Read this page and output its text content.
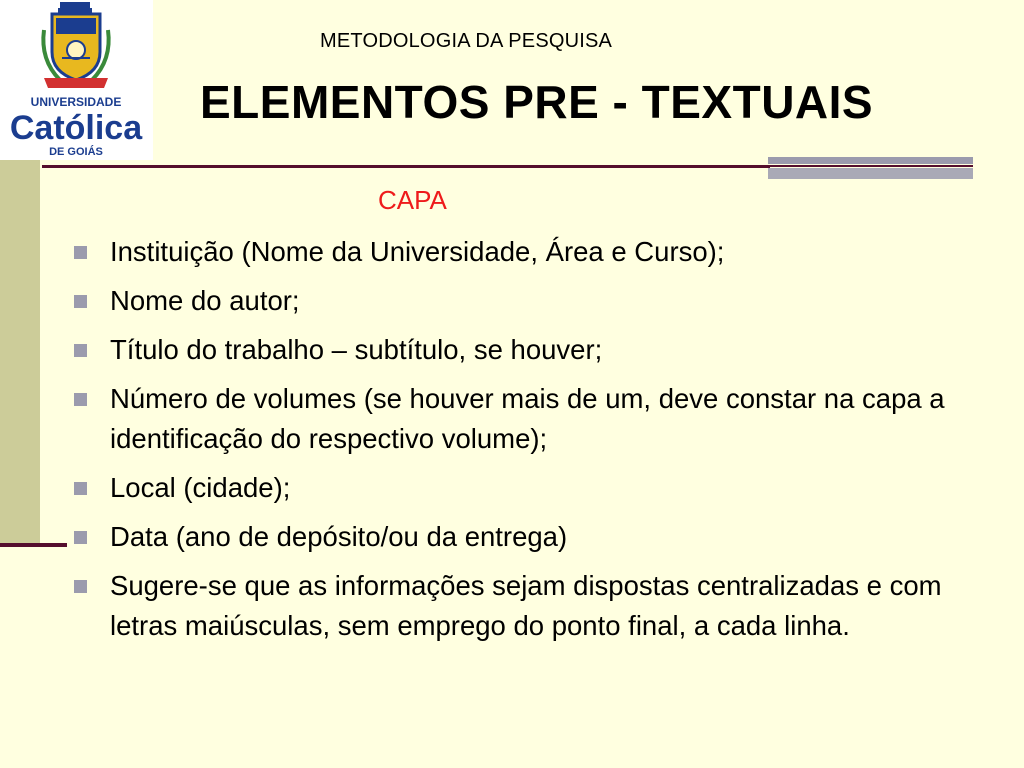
UNIVERSIDADE
Católica
DE GOIÁS
METODOLOGIA DA PESQUISA
ELEMENTOS PRE - TEXTUAIS
CAPA
Instituição (Nome da Universidade, Área e Curso);
Nome do autor;
Título do trabalho – subtítulo, se houver;
Número de volumes (se houver mais de um, deve constar na capa a identificação do respectivo volume);
Local (cidade);
Data (ano de depósito/ou da entrega)
Sugere-se que as informações sejam dispostas centralizadas e com letras maiúsculas, sem emprego do ponto final, a cada linha.
